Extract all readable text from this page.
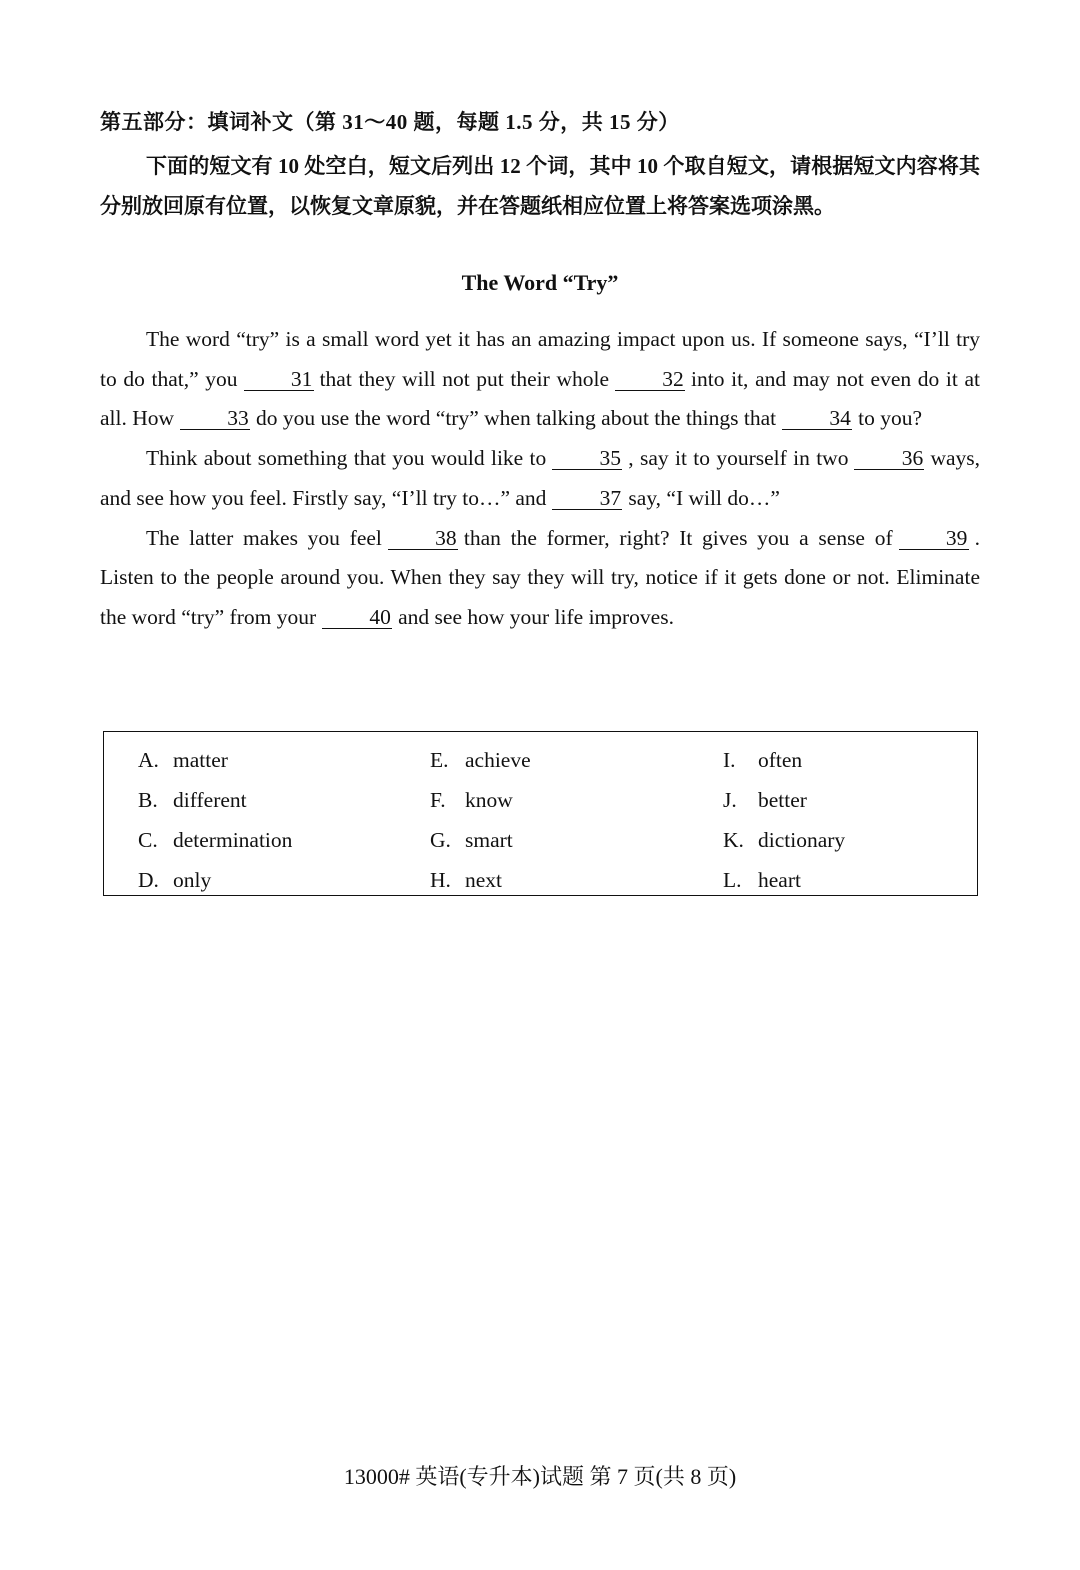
第五部分：填词补文（第 31～40 题，每题 1.5 分，共 15 分）
下面的短文有 10 处空白，短文后列出 12 个词，其中 10 个取自短文，请根据短文内容将其分别放回原有位置，以恢复文章原貌，并在答题纸相应位置上将答案选项涂黑。
The Word “Try”

The word “try” is a small word yet it has an amazing impact upon us. If someone says, “I’ll try to do that,” you 31 that they will not put their whole 32 into it, and may not even do it at all. How 33 do you use the word “try” when talking about the things that 34 to you?

Think about something that you would like to 35 , say it to yourself in two 36 ways, and see how you feel. Firstly say, “I’ll try to…” and 37 say, “I will do…”

The latter makes you feel 38 than the former, right? It gives you a sense of 39 . Listen to the people around you. When they say they will try, notice if it gets done or not. Eliminate the word “try” from your 40 and see how your life improves.

A. matter
B. different
C. determination
D. only
E. achieve
F. know
G. smart
H. next
I. often
J. better
K. dictionary
L. heart
13000# 英语(专升本)试题 第 7 页(共 8 页)
